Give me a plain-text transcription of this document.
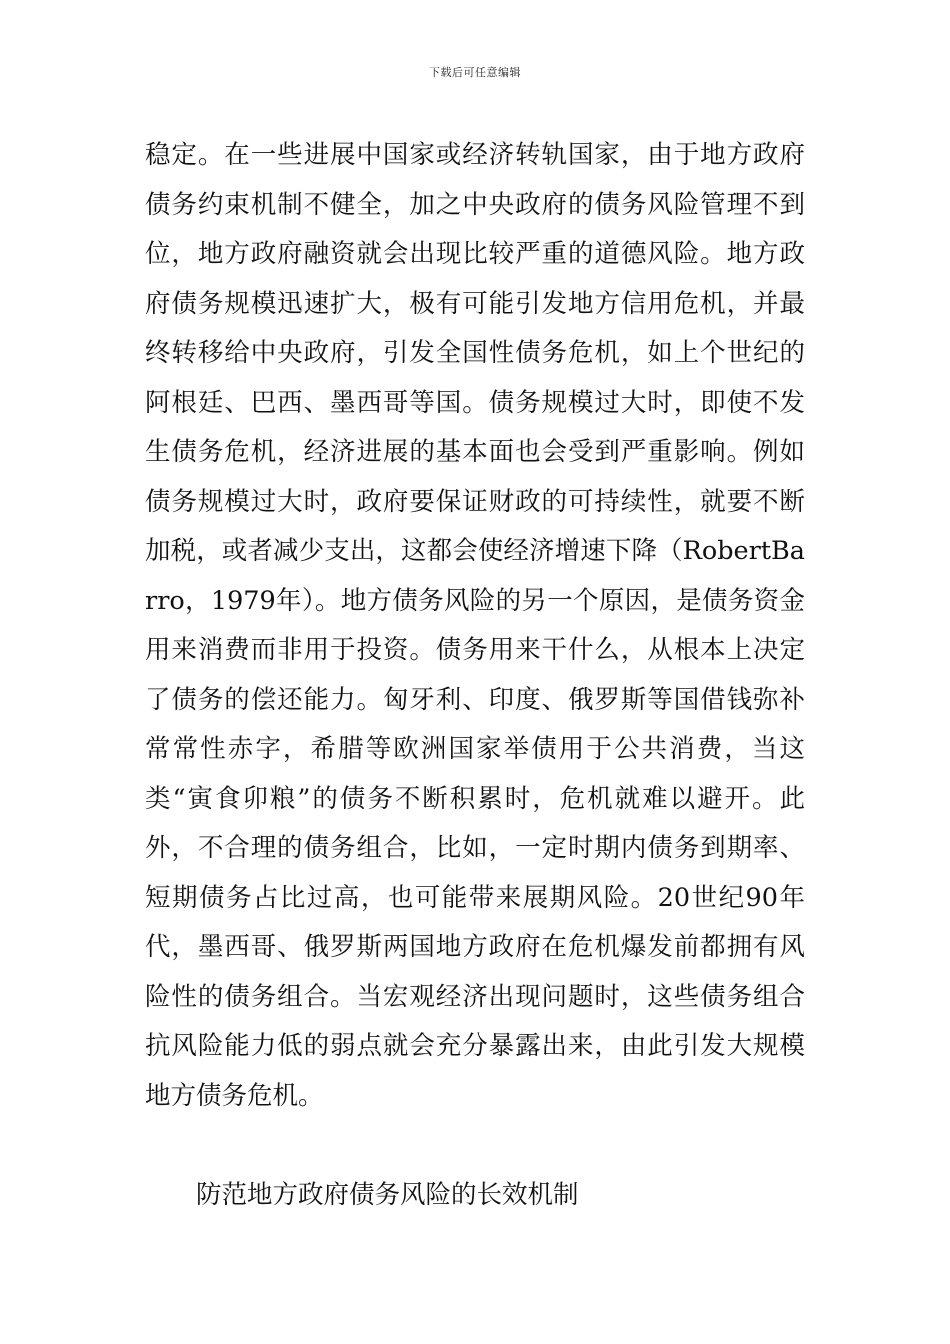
下载后可任意编辑

稳定。在一些进展中国家或经济转轨国家，由于地方政府债务约束机制不健全，加之中央政府的债务风险管理不到位，地方政府融资就会出现比较严重的道德风险。地方政府债务规模迅速扩大，极有可能引发地方信用危机，并最终转移给中央政府，引发全国性债务危机，如上个世纪的阿根廷、巴西、墨西哥等国。债务规模过大时，即使不发生债务危机，经济进展的基本面也会受到严重影响。例如债务规模过大时，政府要保证财政的可持续性，就要不断加税，或者减少支出，这都会使经济增速下降（RobertBarro，1979年）。地方债务风险的另一个原因，是债务资金用来消费而非用于投资。债务用来干什么，从根本上决定了债务的偿还能力。匈牙利、印度、俄罗斯等国借钱弥补常常性赤字，希腊等欧洲国家举债用于公共消费，当这类“寅食卯粮”的债务不断积累时，危机就难以避开。此外，不合理的债务组合，比如，一定时期内债务到期率、短期债务占比过高，也可能带来展期风险。20世纪90年代，墨西哥、俄罗斯两国地方政府在危机爆发前都拥有风险性的债务组合。当宏观经济出现问题时，这些债务组合抗风险能力低的弱点就会充分暴露出来，由此引发大规模地方债务危机。

防范地方政府债务风险的长效机制
